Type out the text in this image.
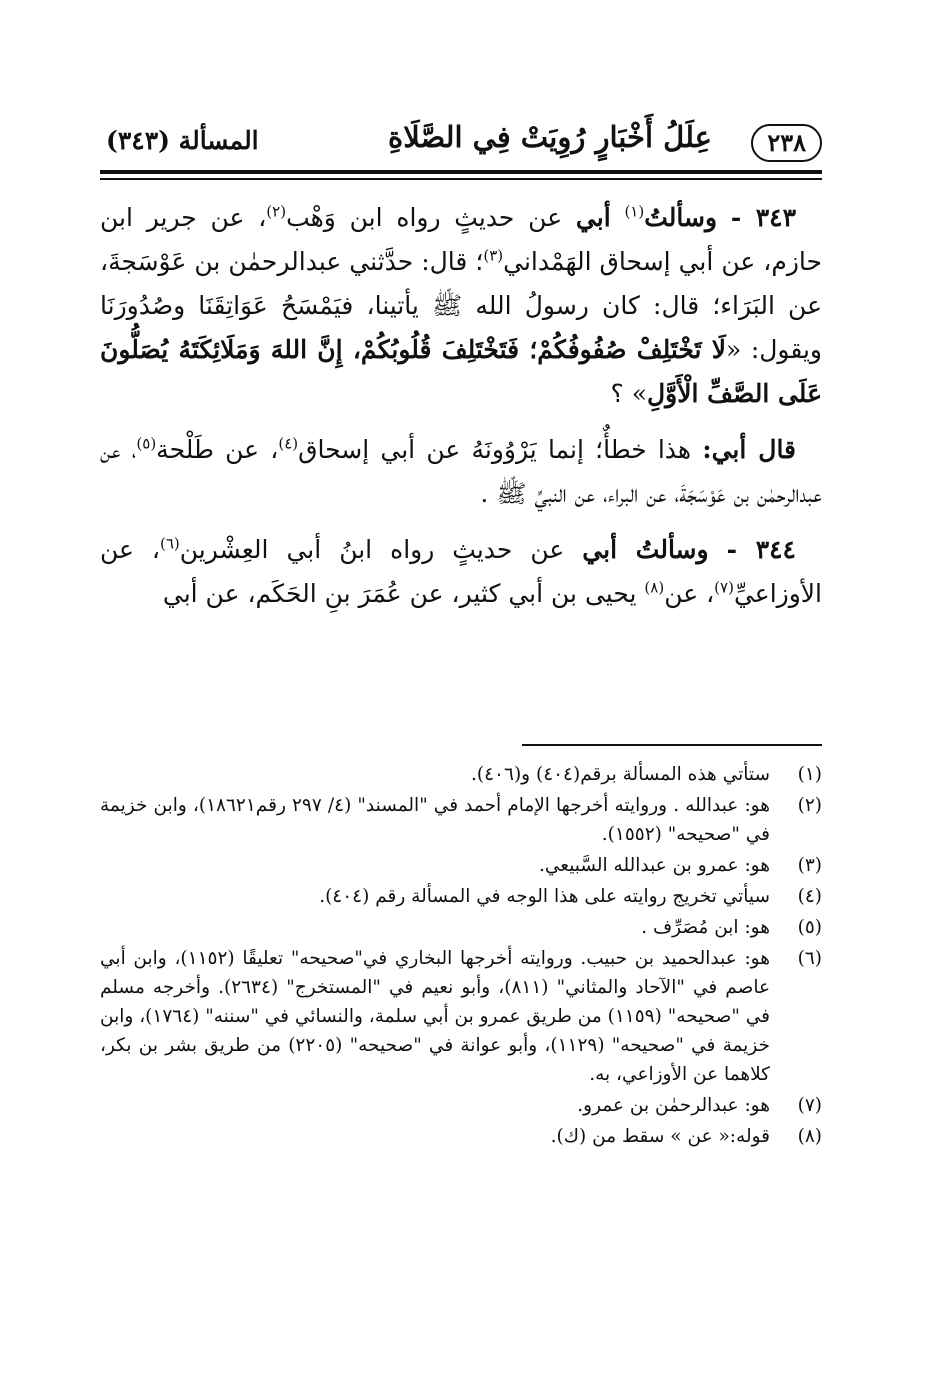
٢٣٨
عِلَلُ أَخْبَارٍ رُوِيَتْ فِي الصَّلَاةِ
المسألة (٣٤٣)

٣٤٣ - وسألتُ$^{(١)}$ أبي عن حديثٍ رواه ابن وَهْب$^{(٢)}$، عن جرير ابن حازم، عن أبي إسحاق الهَمْداني$^{(٣)}$؛ قال: حدَّثني عبدالرحمٰن بن عَوْسَجةَ، عن البَرَاء؛ قال: كان رسولُ الله ﷺ يأتينا، فيَمْسَحُ عَوَاتِقَنَا وصُدُورَنَا ويقول: «لَا تَخْتَلِفْ صُفُوفُكُمْ؛ فَتَخْتَلِفَ قُلُوبُكُمْ، إِنَّ اللهَ وَمَلَائِكَتَهُ يُصَلُّونَ عَلَى الصَّفِّ الْأَوَّلِ» ؟

قال أبي: هذا خطأٌ؛ إنما يَرْوُونَهُ عن أبي إسحاق$^{(٤)}$، عن طَلْحة$^{(٥)}$، عن عبدالرحمٰن بن عَوْسَجَةَ، عن البراء، عن النبيِّ ﷺ .

٣٤٤ - وسألتُ أبي عن حديثٍ رواه ابنُ أبي العِشْرين$^{(٦)}$، عن الأوزاعيِّ$^{(٧)}$، عن$^{(٨)}$ يحيى بن أبي كثير، عن عُمَرَ بنِ الحَكَم، عن أبي

(١)
ستأتي هذه المسألة برقم(٤٠٤) و(٤٠٦).
(٢)
هو: عبدالله . وروايته أخرجها الإمام أحمد في "المسند" (٤/ ٢٩٧ رقم١٨٦٢١)، وابن خزيمة في "صحيحه" (١٥٥٢).
(٣)
هو: عمرو بن عبدالله السَّبيعي.
(٤)
سيأتي تخريج روايته على هذا الوجه في المسألة رقم (٤٠٤).
(٥)
هو: ابن مُصَرِّف .
(٦)
هو: عبدالحميد بن حبيب. وروايته أخرجها البخاري في"صحيحه" تعليقًا (١١٥٢)، وابن أبي عاصم في "الآحاد والمثاني" (٨١١)، وأبو نعيم في "المستخرج" (٢٦٣٤). وأخرجه مسلم في "صحيحه" (١١٥٩) من طريق عمرو بن أبي سلمة، والنسائي في "سننه" (١٧٦٤)، وابن خزيمة في "صحيحه" (١١٢٩)، وأبو عوانة في "صحيحه" (٢٢٠٥) من طريق بشر بن بكر، كلاهما عن الأوزاعي، به.
(٧)
هو: عبدالرحمٰن بن عمرو.
(٨)
قوله:« عن » سقط من (ك).
